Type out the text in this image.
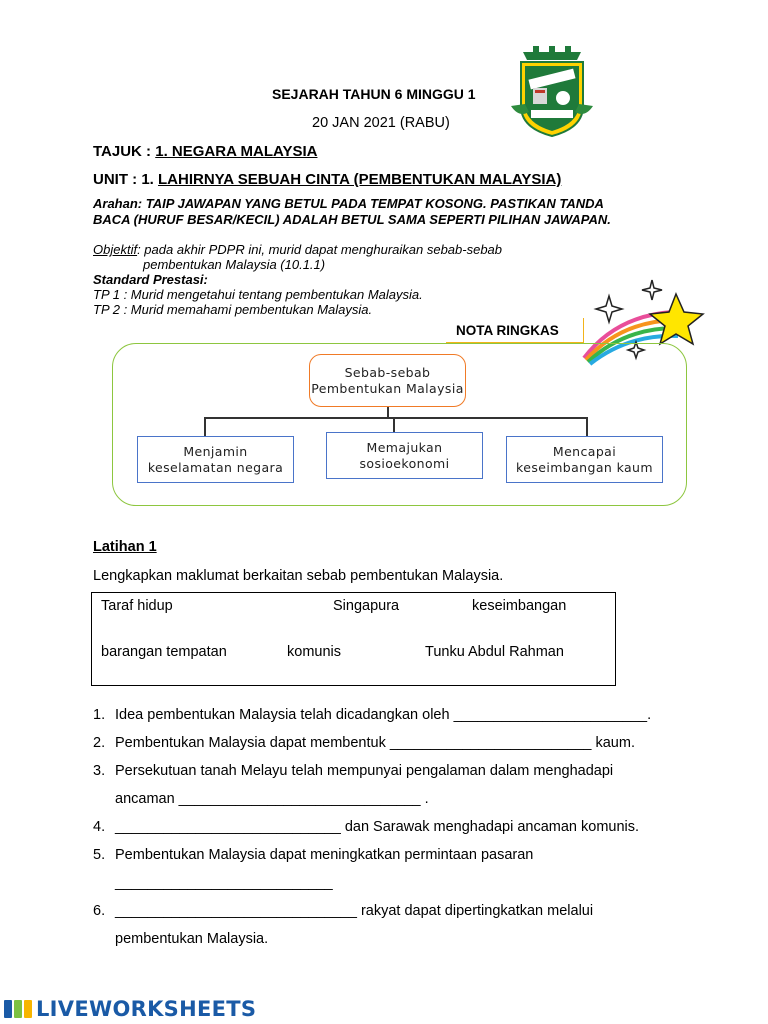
SEJARAH TAHUN 6 MINGGU 1
20 JAN 2021 (RABU)
TAJUK : 1. NEGARA MALAYSIA
UNIT : 1. LAHIRNYA SEBUAH CINTA (PEMBENTUKAN MALAYSIA)
Arahan: TAIP JAWAPAN YANG BETUL PADA TEMPAT KOSONG. PASTIKAN TANDA
BACA (HURUF BESAR/KECIL) ADALAH BETUL SAMA SEPERTI PILIHAN JAWAPAN.
Objektif: pada akhir PDPR ini, murid dapat menghuraikan sebab-sebab
pembentukan Malaysia (10.1.1)
Standard Prestasi:
TP 1 : Murid mengetahui tentang pembentukan Malaysia.
TP 2 : Murid memahami pembentukan Malaysia.
NOTA RINGKAS
Sebab-sebab
Pembentukan Malaysia
Menjamin
keselamatan negara
Memajukan
sosioekonomi
Mencapai
keseimbangan kaum
Latihan 1
Lengkapkan maklumat berkaitan sebab pembentukan Malaysia.
Taraf hidup	Singapura	keseimbangan
barangan tempatan	komunis	Tunku Abdul Rahman
1. Idea pembentukan Malaysia telah dicadangkan oleh ________________________.
2. Pembentukan Malaysia dapat membentuk _________________________ kaum.
3. Persekutuan tanah Melayu telah mempunyai pengalaman dalam menghadapi
ancaman ______________________________ .
4. ____________________________ dan Sarawak menghadapi ancaman komunis.
5. Pembentukan Malaysia dapat meningkatkan permintaan pasaran
___________________________
6. ______________________________ rakyat dapat dipertingkatkan melalui
pembentukan Malaysia.
LIVEWORKSHEETS
